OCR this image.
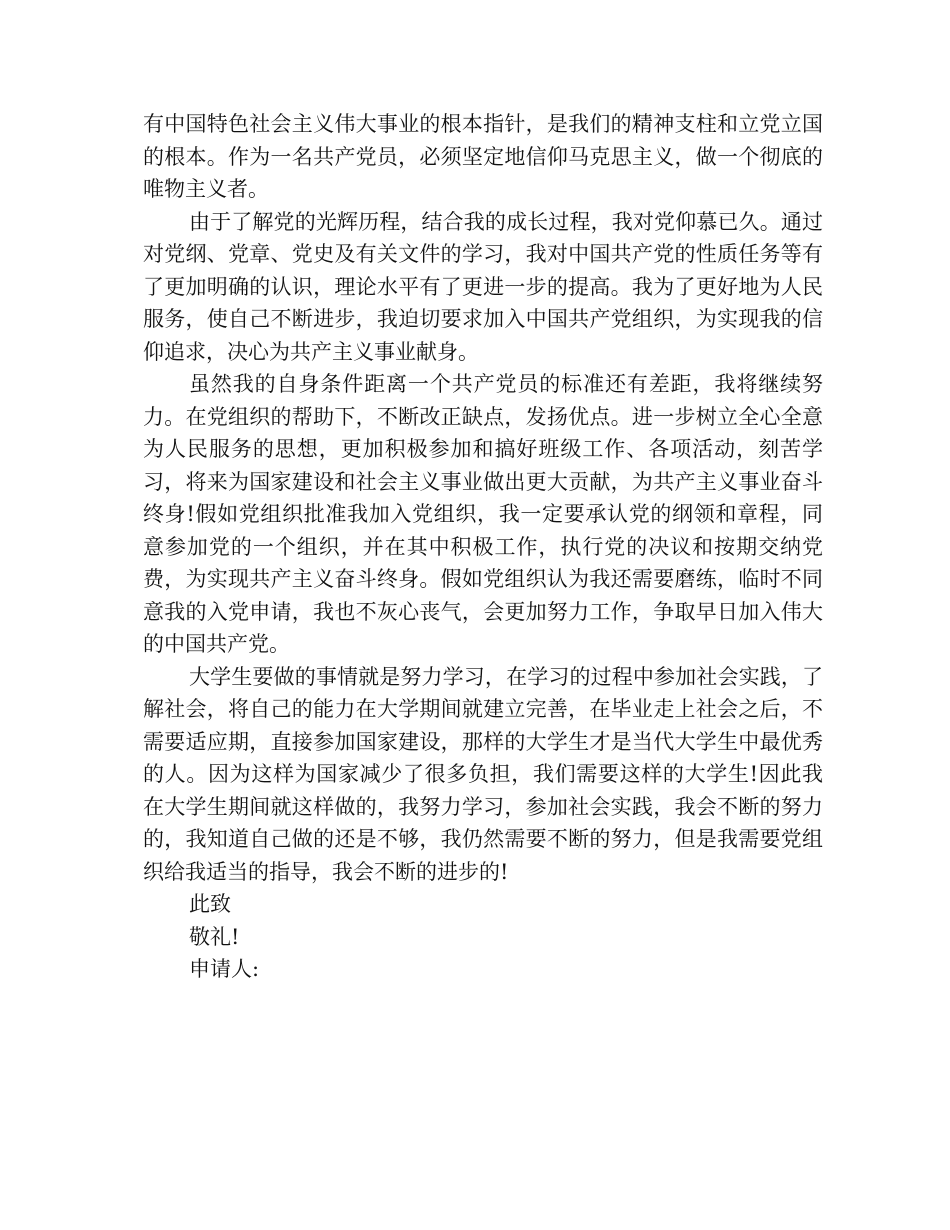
有中国特色社会主义伟大事业的根本指针，是我们的精神支柱和立党立国的根本。作为一名共产党员，必须坚定地信仰马克思主义，做一个彻底的唯物主义者。

由于了解党的光辉历程，结合我的成长过程，我对党仰慕已久。通过对党纲、党章、党史及有关文件的学习，我对中国共产党的性质任务等有了更加明确的认识，理论水平有了更进一步的提高。我为了更好地为人民服务，使自己不断进步，我迫切要求加入中国共产党组织，为实现我的信仰追求，决心为共产主义事业献身。

虽然我的自身条件距离一个共产党员的标准还有差距，我将继续努力。在党组织的帮助下，不断改正缺点，发扬优点。进一步树立全心全意为人民服务的思想，更加积极参加和搞好班级工作、各项活动，刻苦学习，将来为国家建设和社会主义事业做出更大贡献，为共产主义事业奋斗终身!假如党组织批准我加入党组织，我一定要承认党的纲领和章程，同意参加党的一个组织，并在其中积极工作，执行党的决议和按期交纳党费，为实现共产主义奋斗终身。假如党组织认为我还需要磨练，临时不同意我的入党申请，我也不灰心丧气，会更加努力工作，争取早日加入伟大的中国共产党。

大学生要做的事情就是努力学习，在学习的过程中参加社会实践，了解社会，将自己的能力在大学期间就建立完善，在毕业走上社会之后，不需要适应期，直接参加国家建设，那样的大学生才是当代大学生中最优秀的人。因为这样为国家减少了很多负担，我们需要这样的大学生!因此我在大学生期间就这样做的，我努力学习，参加社会实践，我会不断的努力的，我知道自己做的还是不够，我仍然需要不断的努力，但是我需要党组织给我适当的指导，我会不断的进步的!

此致

敬礼!

申请人:
